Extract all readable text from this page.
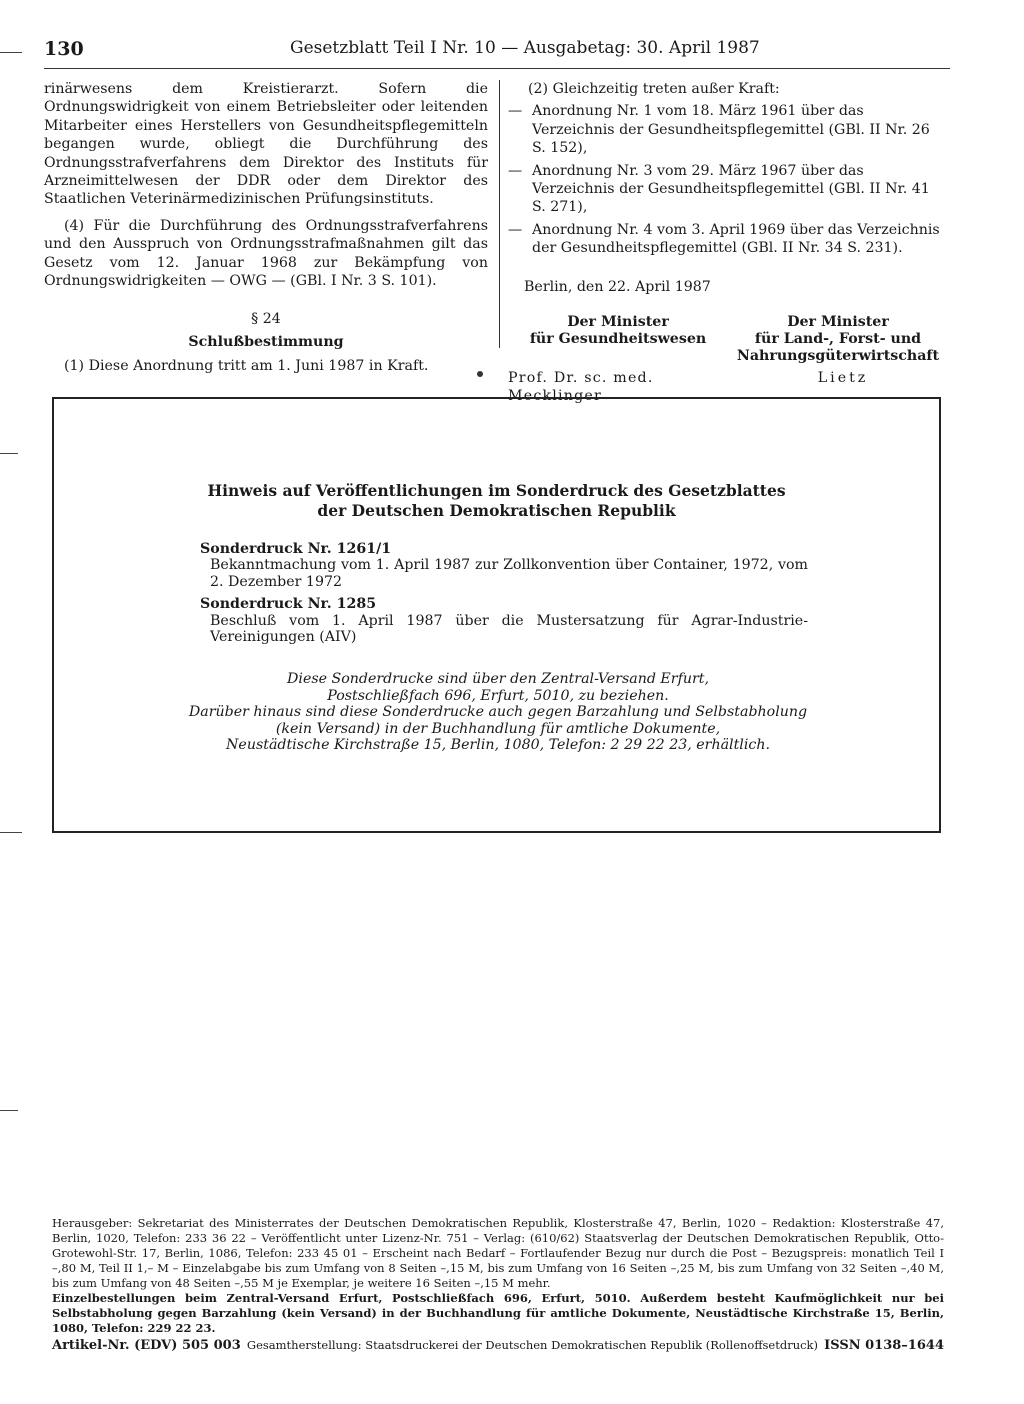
130	Gesetzblatt Teil I Nr. 10 — Ausgabetag: 30. April 1987

rinärwesens dem Kreistierarzt. Sofern die Ordnungswidrigkeit von einem Betriebsleiter oder leitenden Mitarbeiter eines Herstellers von Gesundheitspflegemitteln begangen wurde, obliegt die Durchführung des Ordnungsstrafverfahrens dem Direktor des Instituts für Arzneimittelwesen der DDR oder dem Direktor des Staatlichen Veterinärmedizinischen Prüfungsinstituts.

(4) Für die Durchführung des Ordnungsstrafverfahrens und den Ausspruch von Ordnungsstrafmaßnahmen gilt das Gesetz vom 12. Januar 1968 zur Bekämpfung von Ordnungswidrigkeiten — OWG — (GBl. I Nr. 3 S. 101).

§ 24

Schlußbestimmung

(1) Diese Anordnung tritt am 1. Juni 1987 in Kraft.

(2) Gleichzeitig treten außer Kraft:

— Anordnung Nr. 1 vom 18. März 1961 über das Verzeichnis der Gesundheitspflegemittel (GBl. II Nr. 26 S. 152),
— Anordnung Nr. 3 vom 29. März 1967 über das Verzeichnis der Gesundheitspflegemittel (GBl. II Nr. 41 S. 271),
— Anordnung Nr. 4 vom 3. April 1969 über das Verzeichnis der Gesundheitspflegemittel (GBl. II Nr. 34 S. 231).

Berlin, den 22. April 1987

Der Minister
für Gesundheitswesen
Der Minister
für Land-, Forst- und
Nahrungsgüterwirtschaft
Prof. Dr. sc. med. Mecklinger
Lietz
Hinweis auf Veröffentlichungen im Sonderdruck des Gesetzblattes
der Deutschen Demokratischen Republik
Sonderdruck Nr. 1261/1
Bekanntmachung vom 1. April 1987 zur Zollkonvention über Container, 1972, vom 2. Dezember 1972
Sonderdruck Nr. 1285
Beschluß vom 1. April 1987 über die Mustersatzung für Agrar-Industrie-Vereinigungen (AIV)
Diese Sonderdrucke sind über den Zentral-Versand Erfurt,
Postschließfach 696, Erfurt, 5010, zu beziehen.
Darüber hinaus sind diese Sonderdrucke auch gegen Barzahlung und Selbstabholung
(kein Versand) in der Buchhandlung für amtliche Dokumente,
Neustädtische Kirchstraße 15, Berlin, 1080, Telefon: 2 29 22 23, erhältlich.

Herausgeber: Sekretariat des Ministerrates der Deutschen Demokratischen Republik, Klosterstraße 47, Berlin, 1020 – Redaktion: Klosterstraße 47, Berlin, 1020, Telefon: 233 36 22 – Veröffentlicht unter Lizenz-Nr. 751 – Verlag: (610/62) Staatsverlag der Deutschen Demokratischen Republik, Otto-Grotewohl-Str. 17, Berlin, 1086, Telefon: 233 45 01 – Erscheint nach Bedarf – Fortlaufender Bezug nur durch die Post – Bezugspreis: monatlich Teil I –,80 M, Teil II 1,– M – Einzelabgabe bis zum Umfang von 8 Seiten –,15 M, bis zum Umfang von 16 Seiten –,25 M, bis zum Umfang von 32 Seiten –,40 M, bis zum Umfang von 48 Seiten –,55 M je Exemplar, je weitere 16 Seiten –,15 M mehr.

Einzelbestellungen beim Zentral-Versand Erfurt, Postschließfach 696, Erfurt, 5010. Außerdem besteht Kaufmöglichkeit nur bei Selbstabholung gegen Barzahlung (kein Versand) in der Buchhandlung für amtliche Dokumente, Neustädtische Kirchstraße 15, Berlin, 1080, Telefon: 229 22 23.

Artikel-Nr. (EDV) 505 003 Gesamtherstellung: Staatsdruckerei der Deutschen Demokratischen Republik (Rollenoffsetdruck) ISSN 0138–1644
